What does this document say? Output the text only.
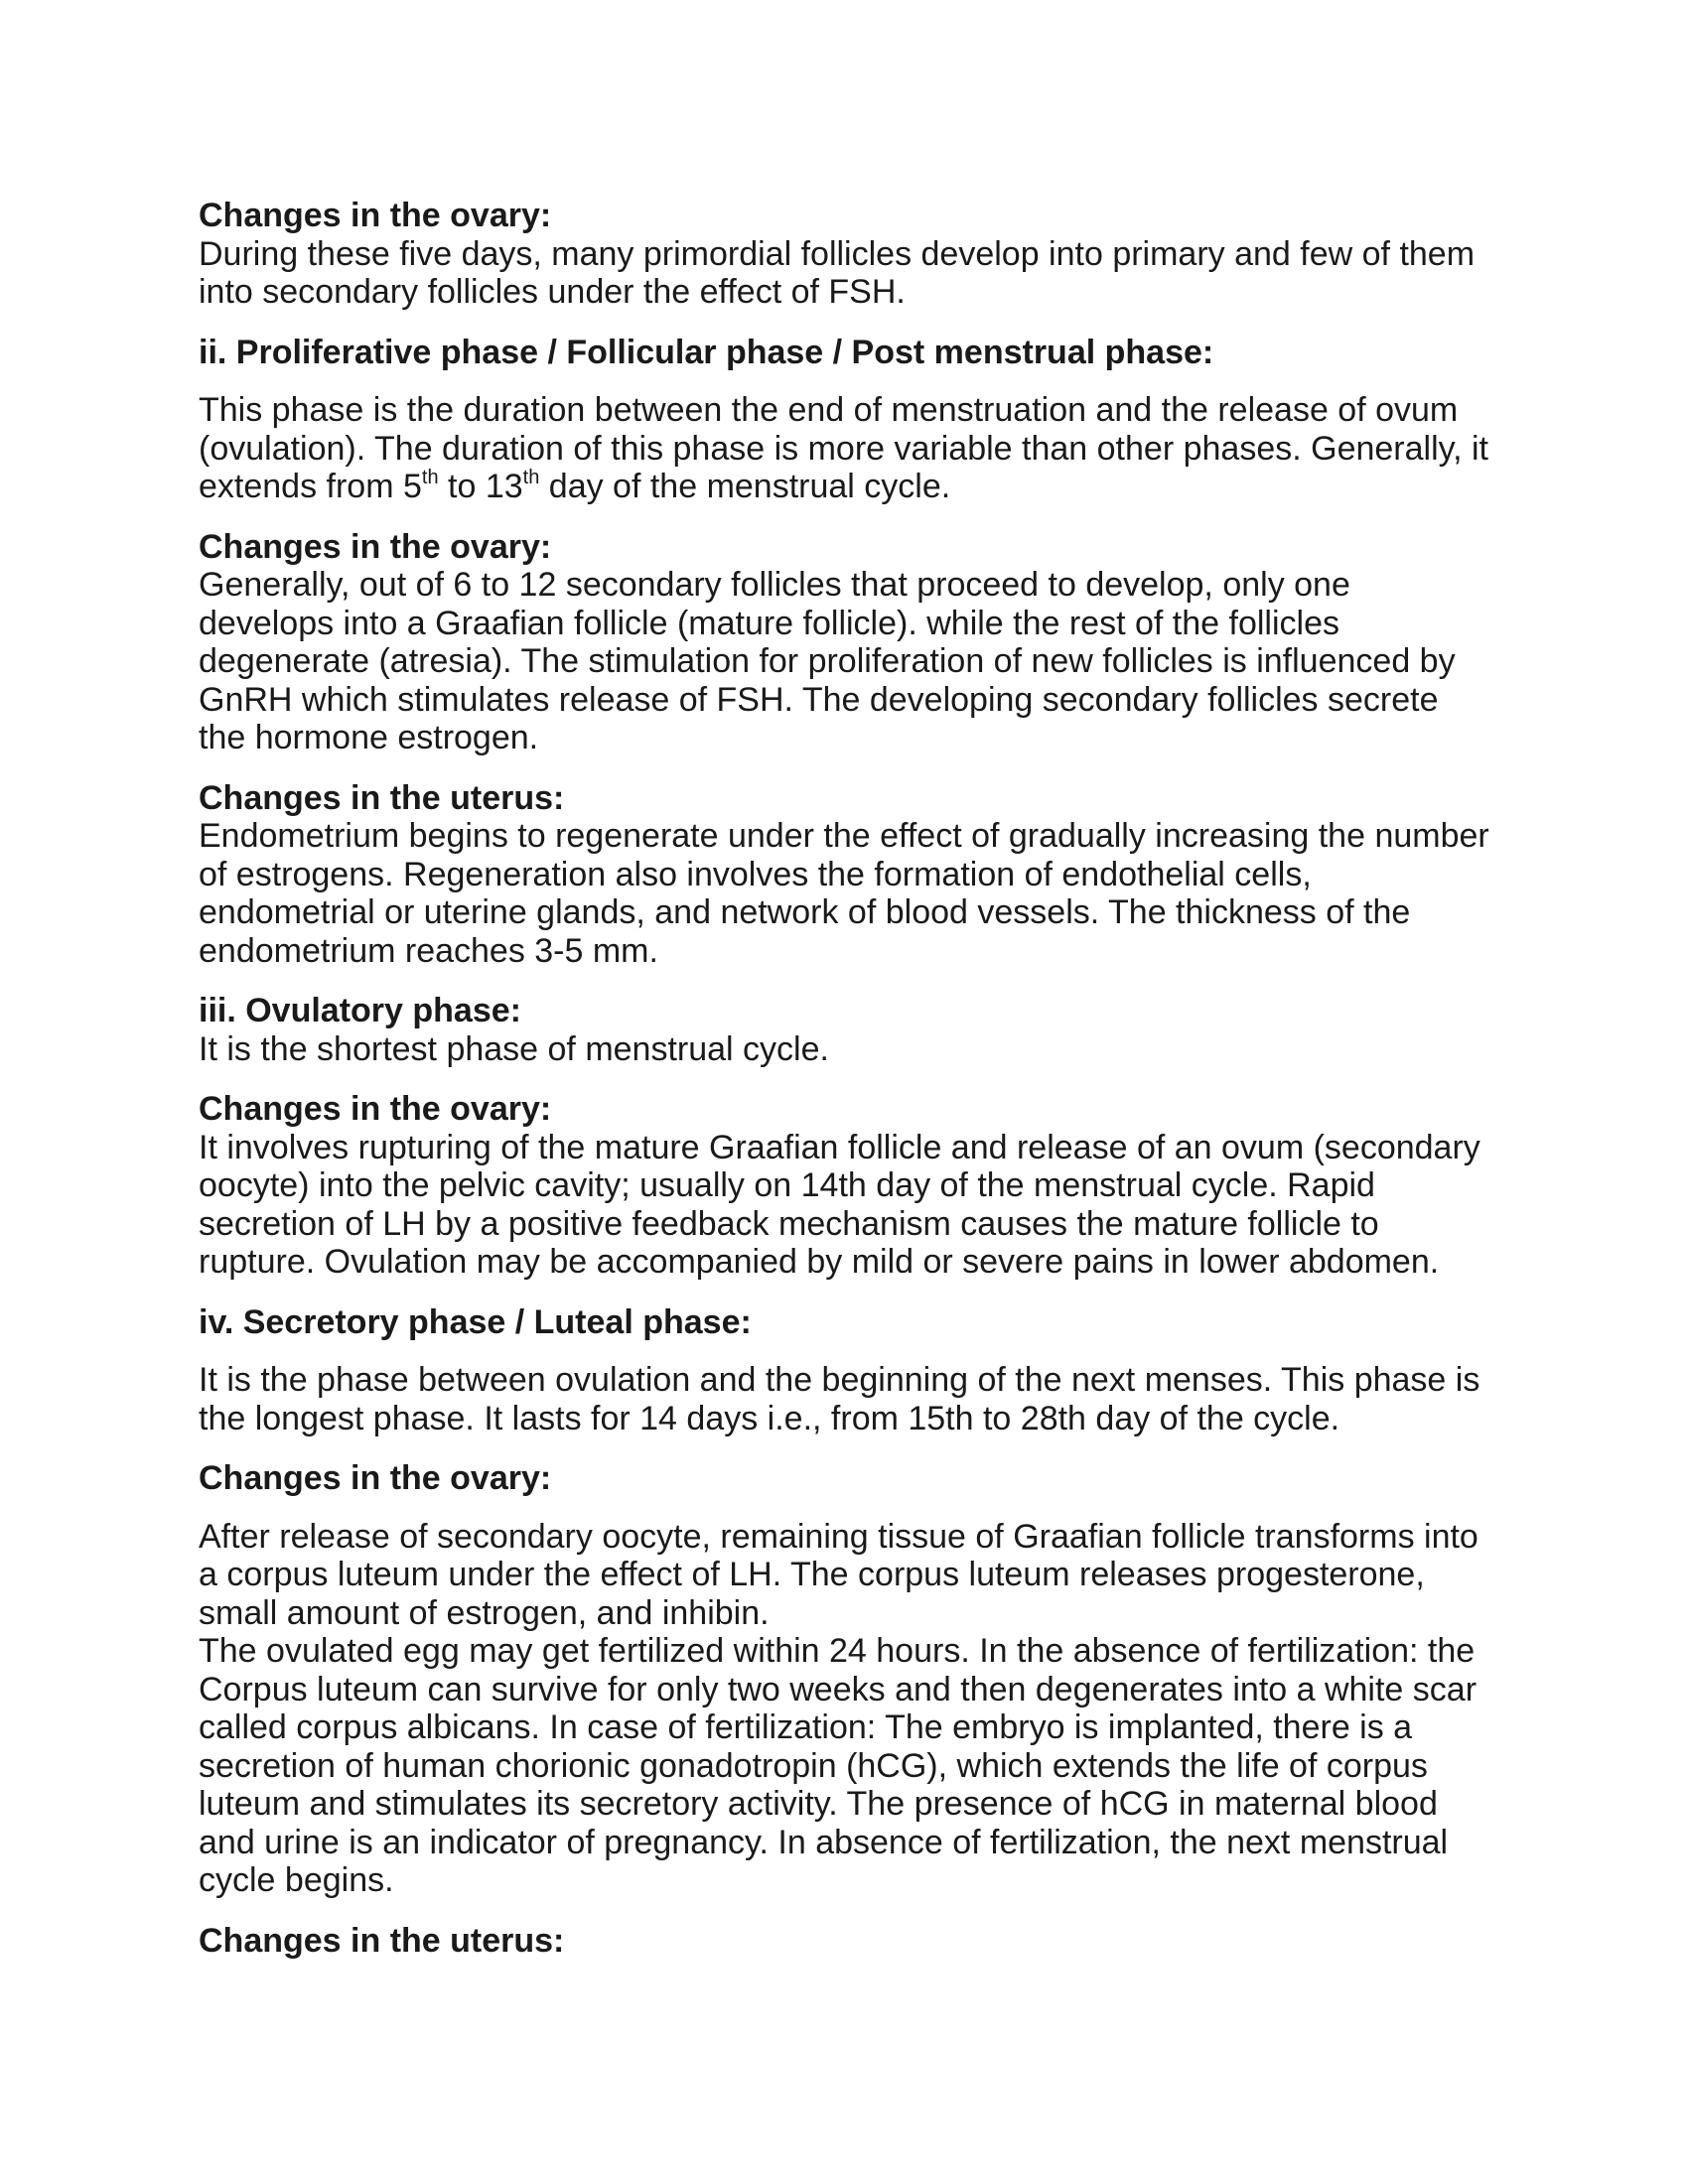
Changes in the ovary:

During these five days, many primordial follicles develop into primary and few of them into secondary follicles under the effect of FSH.

ii. Proliferative phase / Follicular phase / Post menstrual phase:

This phase is the duration between the end of menstruation and the release of ovum (ovulation). The duration of this phase is more variable than other phases. Generally, it extends from 5th to 13th day of the menstrual cycle.

Changes in the ovary:

Generally, out of 6 to 12 secondary follicles that proceed to develop, only one develops into a Graafian follicle (mature follicle). while the rest of the follicles degenerate (atresia). The stimulation for proliferation of new follicles is influenced by GnRH which stimulates release of FSH. The developing secondary follicles secrete the hormone estrogen.

Changes in the uterus:

Endometrium begins to regenerate under the effect of gradually increasing the number of estrogens. Regeneration also involves the formation of endothelial cells, endometrial or uterine glands, and network of blood vessels. The thickness of the endometrium reaches 3-5 mm.

iii. Ovulatory phase:

It is the shortest phase of menstrual cycle.

Changes in the ovary:

It involves rupturing of the mature Graafian follicle and release of an ovum (secondary oocyte) into the pelvic cavity; usually on 14th day of the menstrual cycle. Rapid secretion of LH by a positive feedback mechanism causes the mature follicle to rupture. Ovulation may be accompanied by mild or severe pains in lower abdomen.

iv. Secretory phase / Luteal phase:

It is the phase between ovulation and the beginning of the next menses. This phase is the longest phase. It lasts for 14 days i.e., from 15th to 28th day of the cycle.

Changes in the ovary:

After release of secondary oocyte, remaining tissue of Graafian follicle transforms into a corpus luteum under the effect of LH. The corpus luteum releases progesterone, small amount of estrogen, and inhibin.

The ovulated egg may get fertilized within 24 hours. In the absence of fertilization: the Corpus luteum can survive for only two weeks and then degenerates into a white scar called corpus albicans. In case of fertilization: The embryo is implanted, there is a secretion of human chorionic gonadotropin (hCG), which extends the life of corpus luteum and stimulates its secretory activity. The presence of hCG in maternal blood and urine is an indicator of pregnancy. In absence of fertilization, the next menstrual cycle begins.

Changes in the uterus:
